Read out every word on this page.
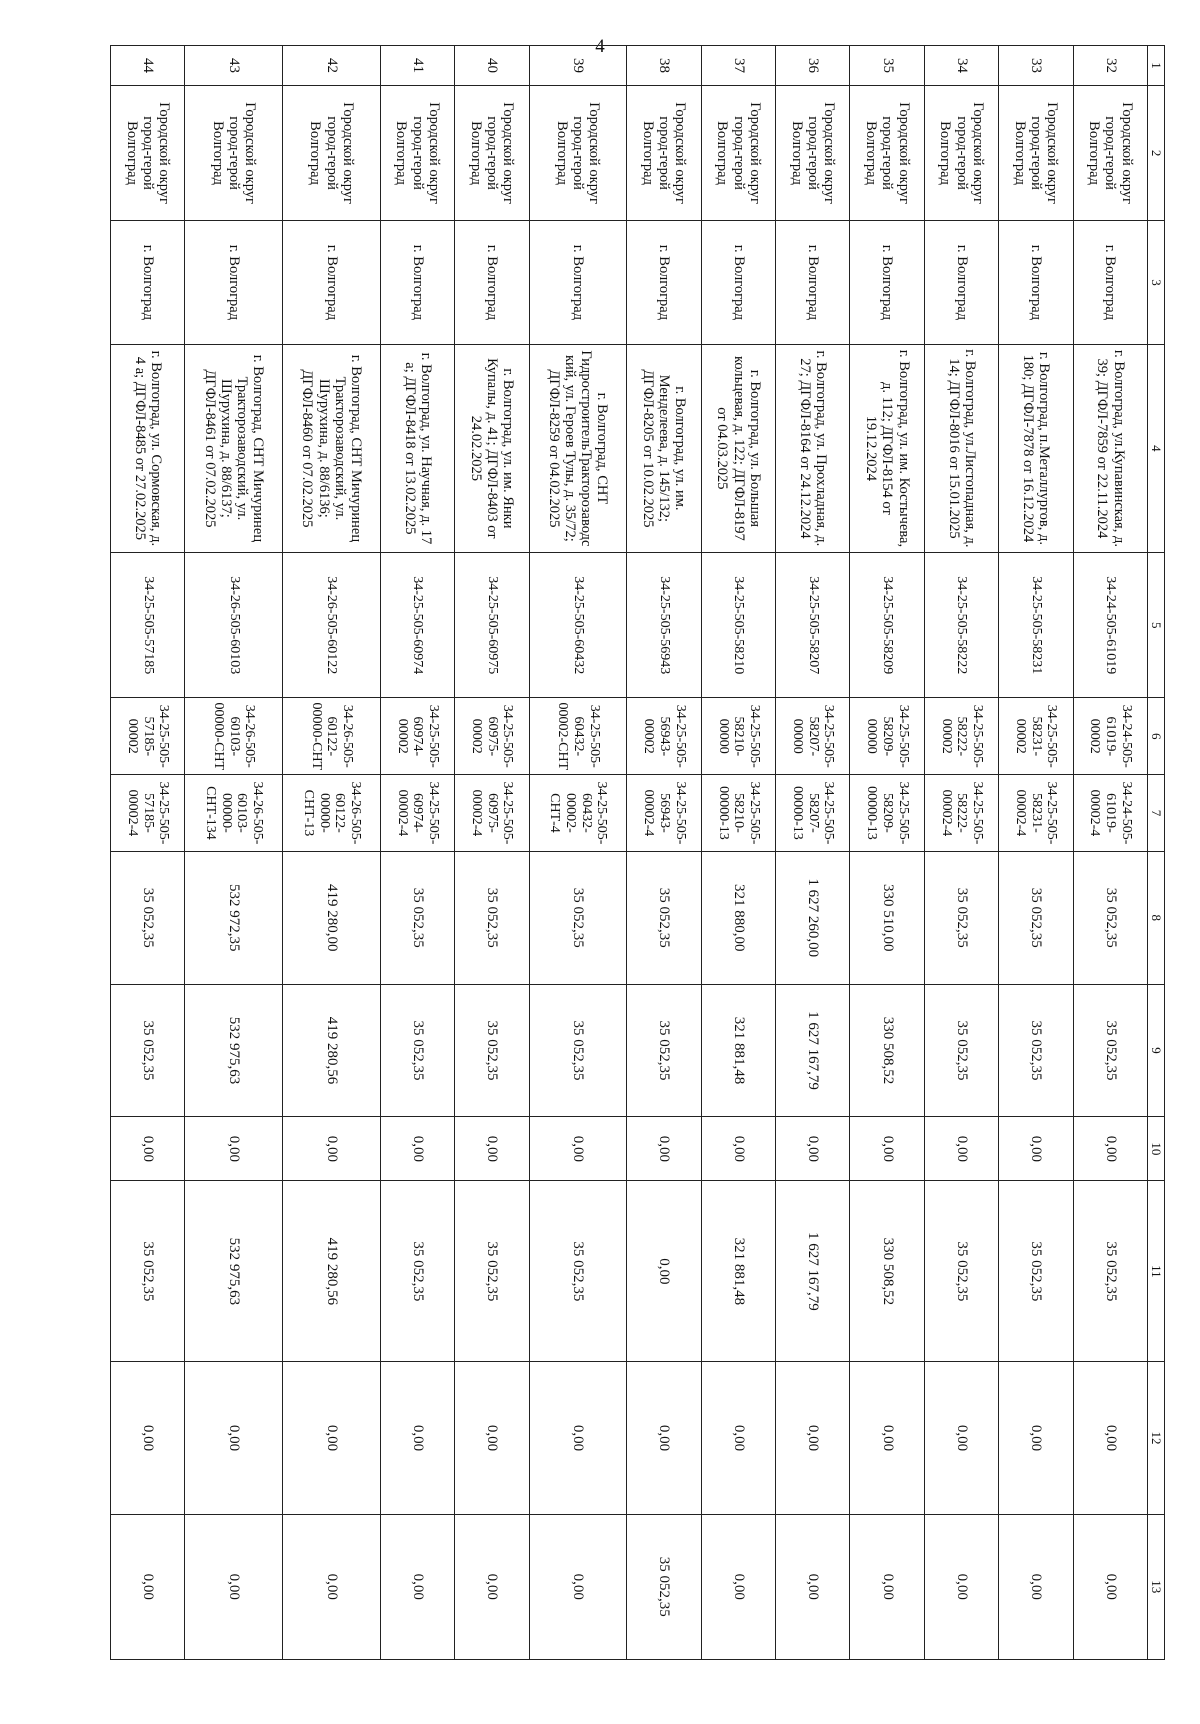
4
1	2	3	4	5	6	7	8	9	10	11	12	13
32	Городской округ город-герой Волгоград	г. Волгоград	г. Волгоград, ул.Купавинская, д. 39; ДГФЛ-7859 от 22.11.2024	34-24-505-61019	34-24-505-61019-00002	34-24-505-61019-00002-4	35 052,35	35 052,35	0,00	35 052,35	0,00	0,00
33	Городской округ город-герой Волгоград	г. Волгоград	г. Волгоград, п.Металлургов, д. 180; ДГФЛ-7878 от 16.12.2024	34-25-505-58231	34-25-505-58231-00002	34-25-505-58231-00002-4	35 052,35	35 052,35	0,00	35 052,35	0,00	0,00
34	Городской округ город-герой Волгоград	г. Волгоград	г. Волгоград, ул.Листопадная, д. 14; ДГФЛ-8016 от 15.01.2025	34-25-505-58222	34-25-505-58222-00002	34-25-505-58222-00002-4	35 052,35	35 052,35	0,00	35 052,35	0,00	0,00
35	Городской округ город-герой Волгоград	г. Волгоград	г. Волгоград, ул. им. Костычева, д. 112; ДГФЛ-8154 от 19.12.2024	34-25-505-58209	34-25-505-58209-00000	34-25-505-58209-00000-13	330 510,00	330 508,52	0,00	330 508,52	0,00	0,00
36	Городской округ город-герой Волгоград	г. Волгоград	г. Волгоград, ул. Прохладная, д. 27; ДГФЛ-8164 от 24.12.2024	34-25-505-58207	34-25-505-58207-00000	34-25-505-58207-00000-13	1 627 260,00	1 627 167,79	0,00	1 627 167,79	0,00	0,00
37	Городской округ город-герой Волгоград	г. Волгоград	г. Волгоград, ул. Большая кольцевая, д. 122; ДГФЛ-8197 от 04.03.2025	34-25-505-58210	34-25-505-58210-00000	34-25-505-58210-00000-13	321 880,00	321 881,48	0,00	321 881,48	0,00	0,00
38	Городской округ город-герой Волгоград	г. Волгоград	г. Волгоград, ул. им. Менделеева, д. 145/132; ДГФЛ-8205 от 10.02.2025	34-25-505-56943	34-25-505-56943-00002	34-25-505-56943-00002-4	35 052,35	35 052,35	0,00	0,00	0,00	35 052,35
39	Городской округ город-герой Волгоград	г. Волгоград	г. Волгоград, СНТ ГидростроительТракторозаводский, ул. Героев Тулы, д. 35/72; ДГФЛ-8259 от 04.02.2025	34-25-505-60432	34-25-505-60432-00002-СНТ	34-25-505-60432-00002-СНТ-4	35 052,35	35 052,35	0,00	35 052,35	0,00	0,00
40	Городской округ город-герой Волгоград	г. Волгоград	г. Волгоград, ул. им. Янки Купалы, д. 41; ДГФЛ-8403 от 24.02.2025	34-25-505-60975	34-25-505-60975-00002	34-25-505-60975-00002-4	35 052,35	35 052,35	0,00	35 052,35	0,00	0,00
41	Городской округ город-герой Волгоград	г. Волгоград	г. Волгоград, ул. Научная, д. 17 а; ДГФЛ-8418 от 13.02.2025	34-25-505-60974	34-25-505-60974-00002	34-25-505-60974-00002-4	35 052,35	35 052,35	0,00	35 052,35	0,00	0,00
42	Городской округ город-герой Волгоград	г. Волгоград	г. Волгоград, СНТ Мичуринец Тракторозаводский, ул. Шурухина, д. 88/6136; ДГФЛ-8460 от 07.02.2025	34-26-505-60122	34-26-505-60122-00000-СНТ	34-26-505-60122-00000-СНТ-13	419 280,00	419 280,56	0,00	419 280,56	0,00	0,00
43	Городской округ город-герой Волгоград	г. Волгоград	г. Волгоград, СНТ Мичуринец Тракторозаводский, ул. Шурухина, д. 88/6137; ДГФЛ-8461 от 07.02.2025	34-26-505-60103	34-26-505-60103-00000-СНТ	34-26-505-60103-00000-СНТ-134	532 972,35	532 975,63	0,00	532 975,63	0,00	0,00
44	Городской округ город-герой Волгоград	г. Волгоград	г. Волгоград, ул. Сормовская, д. 4 а; ДГФЛ-8485 от 27.02.2025	34-25-505-57185	34-25-505-57185-00002	34-25-505-57185-00002-4	35 052,35	35 052,35	0,00	35 052,35	0,00	0,00
